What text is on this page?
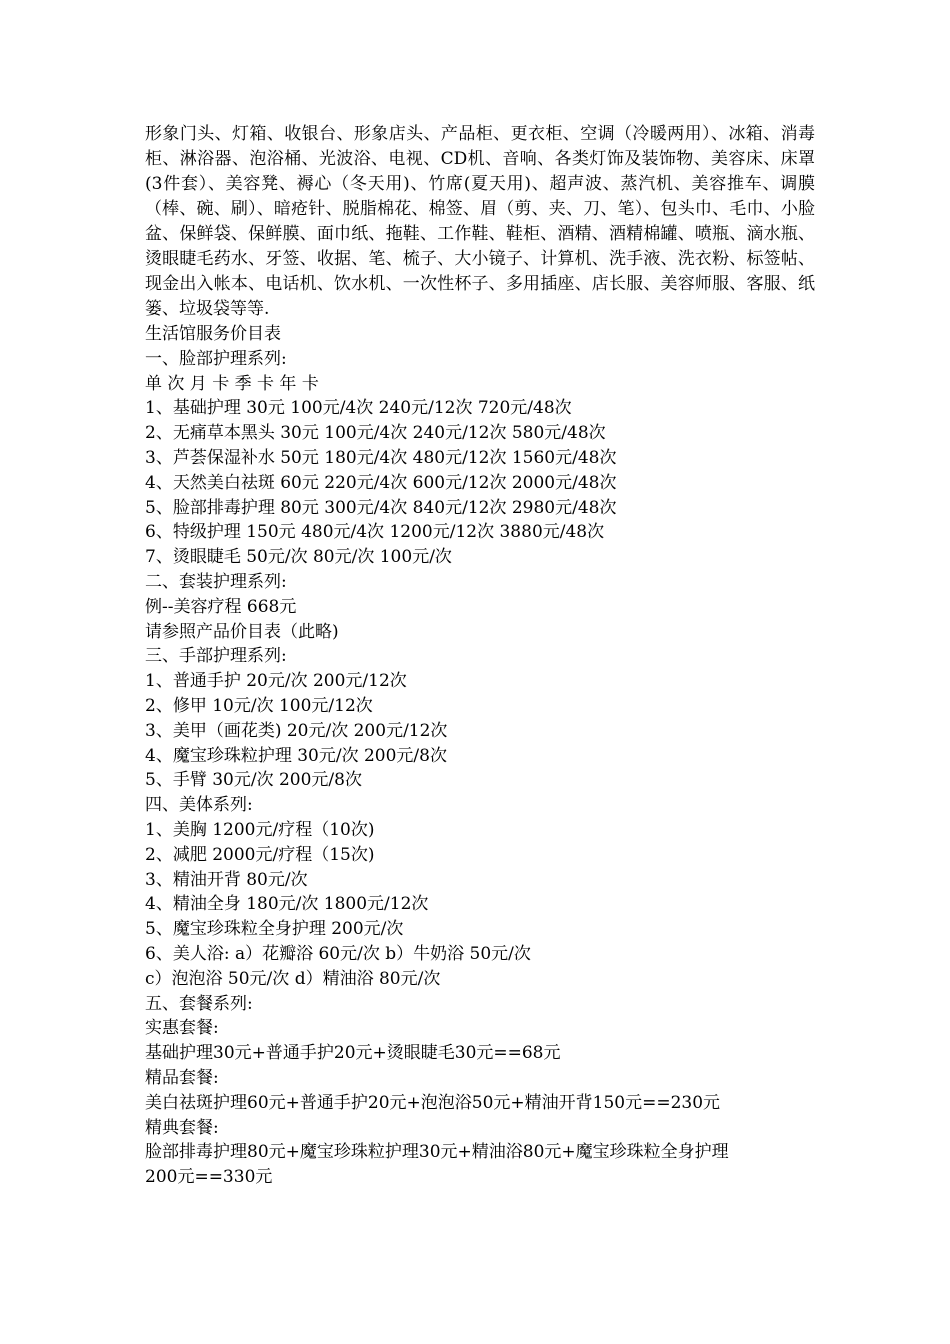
形象门头、灯箱、收银台、形象店头、产品柜、更衣柜、空调（冷暖两用）、冰箱、消毒柜、淋浴器、泡浴桶、光波浴、电视、CD机、音响、各类灯饰及装饰物、美容床、床罩(3件套）、美容凳、褥心（冬天用)、竹席(夏天用)、超声波、蒸汽机、美容推车、调膜（棒、碗、刷）、暗疮针、脱脂棉花、棉签、眉（剪、夹、刀、笔）、包头巾、毛巾、小脸盆、保鲜袋、保鲜膜、面巾纸、拖鞋、工作鞋、鞋柜、酒精、酒精棉罐、喷瓶、滴水瓶、烫眼睫毛药水、牙签、收据、笔、梳子、大小镜子、计算机、洗手液、洗衣粉、标签帖、现金出入帐本、电话机、饮水机、一次性杯子、多用插座、店长服、美容师服、客服、纸篓、垃圾袋等等.

生活馆服务价目表
一、脸部护理系列:
单 次 月 卡 季 卡 年 卡
1、基础护理 30元 100元/4次 240元/12次 720元/48次
2、无痛草本黑头 30元 100元/4次 240元/12次 580元/48次
3、芦荟保湿补水 50元 180元/4次 480元/12次 1560元/48次
4、天然美白祛斑 60元 220元/4次 600元/12次 2000元/48次
5、脸部排毒护理 80元 300元/4次 840元/12次 2980元/48次
6、特级护理 150元 480元/4次 1200元/12次 3880元/48次
7、烫眼睫毛 50元/次 80元/次 100元/次
二、套装护理系列:
例--美容疗程 668元
请参照产品价目表（此略)
三、手部护理系列:
1、普通手护 20元/次 200元/12次
2、修甲 10元/次 100元/12次
3、美甲（画花类) 20元/次 200元/12次
4、魔宝珍珠粒护理 30元/次 200元/8次
5、手臂 30元/次 200元/8次
四、美体系列:
1、美胸 1200元/疗程（10次)
2、减肥 2000元/疗程（15次)
3、精油开背 80元/次
4、精油全身 180元/次 1800元/12次
5、魔宝珍珠粒全身护理 200元/次
6、美人浴: a）花瓣浴 60元/次 b）牛奶浴 50元/次
c）泡泡浴 50元/次 d）精油浴 80元/次
五、套餐系列:
实惠套餐:
基础护理30元+普通手护20元+烫眼睫毛30元==68元
精品套餐:
美白祛斑护理60元+普通手护20元+泡泡浴50元+精油开背150元==230元
精典套餐:
脸部排毒护理80元+魔宝珍珠粒护理30元+精油浴80元+魔宝珍珠粒全身护理
200元==330元
